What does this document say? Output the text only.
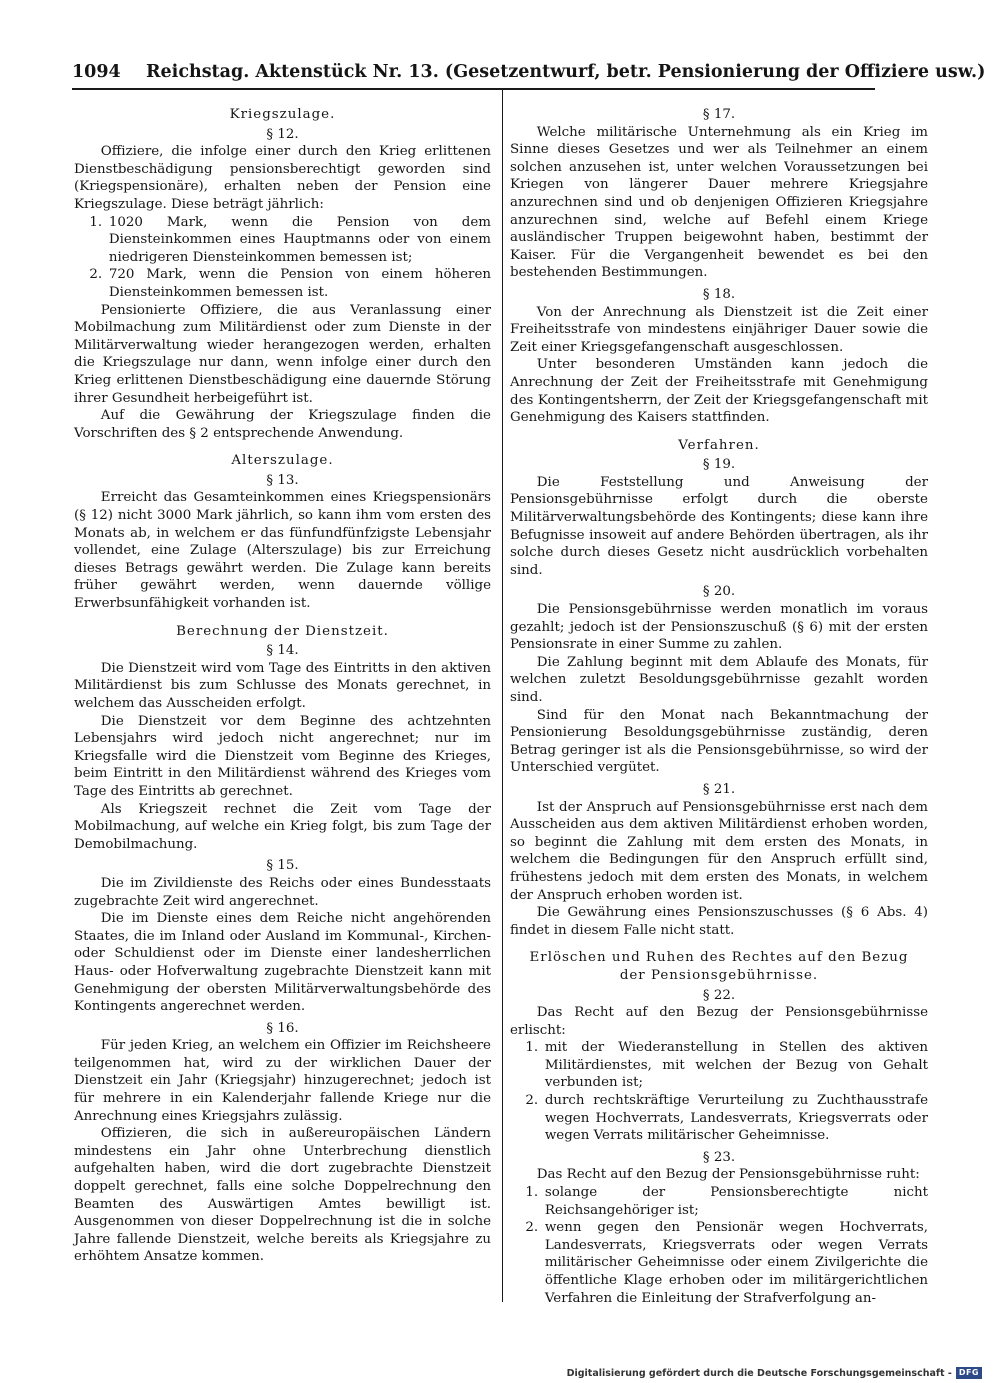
1094 Reichstag. Aktenstück Nr. 13. (Gesetzentwurf, betr. Pensionierung der Offiziere usw.)
Kriegszulage.
§ 12.

Offiziere, die infolge einer durch den Krieg erlittenen Dienstbeschädigung pensionsberechtigt geworden sind (Kriegspensionäre), erhalten neben der Pension eine Kriegszulage. Diese beträgt jährlich:

1. 1020 Mark, wenn die Pension von dem Diensteinkommen eines Hauptmanns oder von einem niedrigeren Diensteinkommen bemessen ist;
2. 720 Mark, wenn die Pension von einem höheren Diensteinkommen bemessen ist.

Pensionierte Offiziere, die aus Veranlassung einer Mobilmachung zum Militärdienst oder zum Dienste in der Militärverwaltung wieder herangezogen werden, erhalten die Kriegszulage nur dann, wenn infolge einer durch den Krieg erlittenen Dienstbeschädigung eine dauernde Störung ihrer Gesundheit herbeigeführt ist.

Auf die Gewährung der Kriegszulage finden die Vorschriften des § 2 entsprechende Anwendung.

Alterszulage.
§ 13.

Erreicht das Gesamteinkommen eines Kriegspensionärs (§ 12) nicht 3000 Mark jährlich, so kann ihm vom ersten des Monats ab, in welchem er das fünfundfünfzigste Lebensjahr vollendet, eine Zulage (Alterszulage) bis zur Erreichung dieses Betrags gewährt werden. Die Zulage kann bereits früher gewährt werden, wenn dauernde völlige Erwerbsunfähigkeit vorhanden ist.

Berechnung der Dienstzeit.
§ 14.

Die Dienstzeit wird vom Tage des Eintritts in den aktiven Militärdienst bis zum Schlusse des Monats gerechnet, in welchem das Ausscheiden erfolgt.

Die Dienstzeit vor dem Beginne des achtzehnten Lebensjahrs wird jedoch nicht angerechnet; nur im Kriegsfalle wird die Dienstzeit vom Beginne des Krieges, beim Eintritt in den Militärdienst während des Krieges vom Tage des Eintritts ab gerechnet.

Als Kriegszeit rechnet die Zeit vom Tage der Mobilmachung, auf welche ein Krieg folgt, bis zum Tage der Demobilmachung.

§ 15.

Die im Zivildienste des Reichs oder eines Bundesstaats zugebrachte Zeit wird angerechnet.

Die im Dienste eines dem Reiche nicht angehörenden Staates, die im Inland oder Ausland im Kommunal-, Kirchen- oder Schuldienst oder im Dienste einer landesherrlichen Haus- oder Hofverwaltung zugebrachte Dienstzeit kann mit Genehmigung der obersten Militärverwaltungsbehörde des Kontingents angerechnet werden.

§ 16.

Für jeden Krieg, an welchem ein Offizier im Reichsheere teilgenommen hat, wird zu der wirklichen Dauer der Dienstzeit ein Jahr (Kriegsjahr) hinzugerechnet; jedoch ist für mehrere in ein Kalenderjahr fallende Kriege nur die Anrechnung eines Kriegsjahrs zulässig.

Offizieren, die sich in außereuropäischen Ländern mindestens ein Jahr ohne Unterbrechung dienstlich aufgehalten haben, wird die dort zugebrachte Dienstzeit doppelt gerechnet, falls eine solche Doppelrechnung den Beamten des Auswärtigen Amtes bewilligt ist. Ausgenommen von dieser Doppelrechnung ist die in solche Jahre fallende Dienstzeit, welche bereits als Kriegsjahre zu erhöhtem Ansatze kommen.

§ 17.

Welche militärische Unternehmung als ein Krieg im Sinne dieses Gesetzes und wer als Teilnehmer an einem solchen anzusehen ist, unter welchen Voraussetzungen bei Kriegen von längerer Dauer mehrere Kriegsjahre anzurechnen sind und ob denjenigen Offizieren Kriegsjahre anzurechnen sind, welche auf Befehl einem Kriege ausländischer Truppen beigewohnt haben, bestimmt der Kaiser. Für die Vergangenheit bewendet es bei den bestehenden Bestimmungen.

§ 18.

Von der Anrechnung als Dienstzeit ist die Zeit einer Freiheitsstrafe von mindestens einjähriger Dauer sowie die Zeit einer Kriegsgefangenschaft ausgeschlossen.

Unter besonderen Umständen kann jedoch die Anrechnung der Zeit der Freiheitsstrafe mit Genehmigung des Kontingentsherrn, der Zeit der Kriegsgefangenschaft mit Genehmigung des Kaisers stattfinden.

Verfahren.
§ 19.

Die Feststellung und Anweisung der Pensionsgebührnisse erfolgt durch die oberste Militärverwaltungsbehörde des Kontingents; diese kann ihre Befugnisse insoweit auf andere Behörden übertragen, als ihr solche durch dieses Gesetz nicht ausdrücklich vorbehalten sind.

§ 20.

Die Pensionsgebührnisse werden monatlich im voraus gezahlt; jedoch ist der Pensionszuschuß (§ 6) mit der ersten Pensionsrate in einer Summe zu zahlen.

Die Zahlung beginnt mit dem Ablaufe des Monats, für welchen zuletzt Besoldungsgebührnisse gezahlt worden sind.

Sind für den Monat nach Bekanntmachung der Pensionierung Besoldungsgebührnisse zuständig, deren Betrag geringer ist als die Pensionsgebührnisse, so wird der Unterschied vergütet.

§ 21.

Ist der Anspruch auf Pensionsgebührnisse erst nach dem Ausscheiden aus dem aktiven Militärdienst erhoben worden, so beginnt die Zahlung mit dem ersten des Monats, in welchem die Bedingungen für den Anspruch erfüllt sind, frühestens jedoch mit dem ersten des Monats, in welchem der Anspruch erhoben worden ist.

Die Gewährung eines Pensionszuschusses (§ 6 Abs. 4) findet in diesem Falle nicht statt.

Erlöschen und Ruhen des Rechtes auf den Bezug
der Pensionsgebührnisse.
§ 22.

Das Recht auf den Bezug der Pensionsgebührnisse erlischt:

1. mit der Wiederanstellung in Stellen des aktiven Militärdienstes, mit welchen der Bezug von Gehalt verbunden ist;
2. durch rechtskräftige Verurteilung zu Zuchthausstrafe wegen Hochverrats, Landesverrats, Kriegsverrats oder wegen Verrats militärischer Geheimnisse.
§ 23.

Das Recht auf den Bezug der Pensionsgebührnisse ruht:

1. solange der Pensionsberechtigte nicht Reichsangehöriger ist;
2. wenn gegen den Pensionär wegen Hochverrats, Landesverrats, Kriegsverrats oder wegen Verrats militärischer Geheimnisse oder einem Zivilgerichte die öffentliche Klage erhoben oder im militärgerichtlichen Verfahren die Einleitung der Strafverfolgung an-
Digitalisierung gefördert durch die Deutsche Forschungsgemeinschaft - DFG
